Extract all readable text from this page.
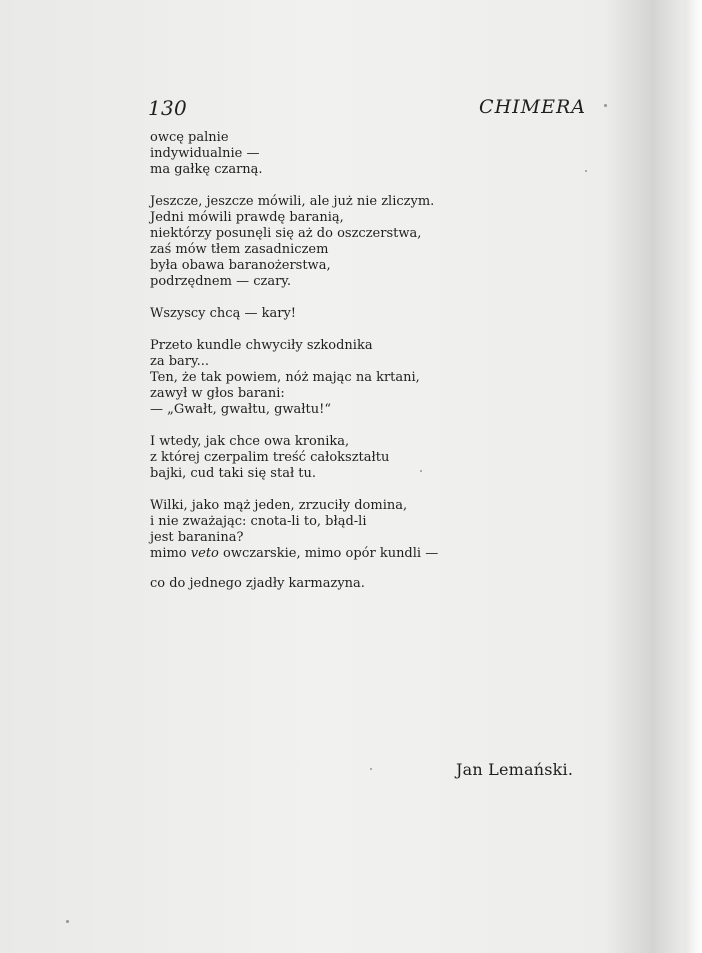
130	CHIMERA
owcę palnie
indywidualnie —
ma gałkę czarną.
Jeszcze, jeszcze mówili, ale już nie zliczym.
Jedni mówili prawdę baranią,
niektórzy posunęli się aż do oszczerstwa,
zaś mów tłem zasadniczem
była obawa baranożerstwa,
podrzędnem — czary.
Wszyscy chcą — kary!
Przeto kundle chwyciły szkodnika
za bary...
Ten, że tak powiem, nóż mając na krtani,
zawył w głos barani:
— „Gwałt, gwałtu, gwałtu!“
I wtedy, jak chce owa kronika,
z której czerpalim treść całokształtu
bajki, cud taki się stał tu.
Wilki, jako mąż jeden, zrzuciły domina,
i nie zważając: cnota-li to, błąd-li
jest baranina?
mimo veto owczarskie, mimo opór kundli —
co do jednego zjadły karmazyna.
Jan Lemański.
